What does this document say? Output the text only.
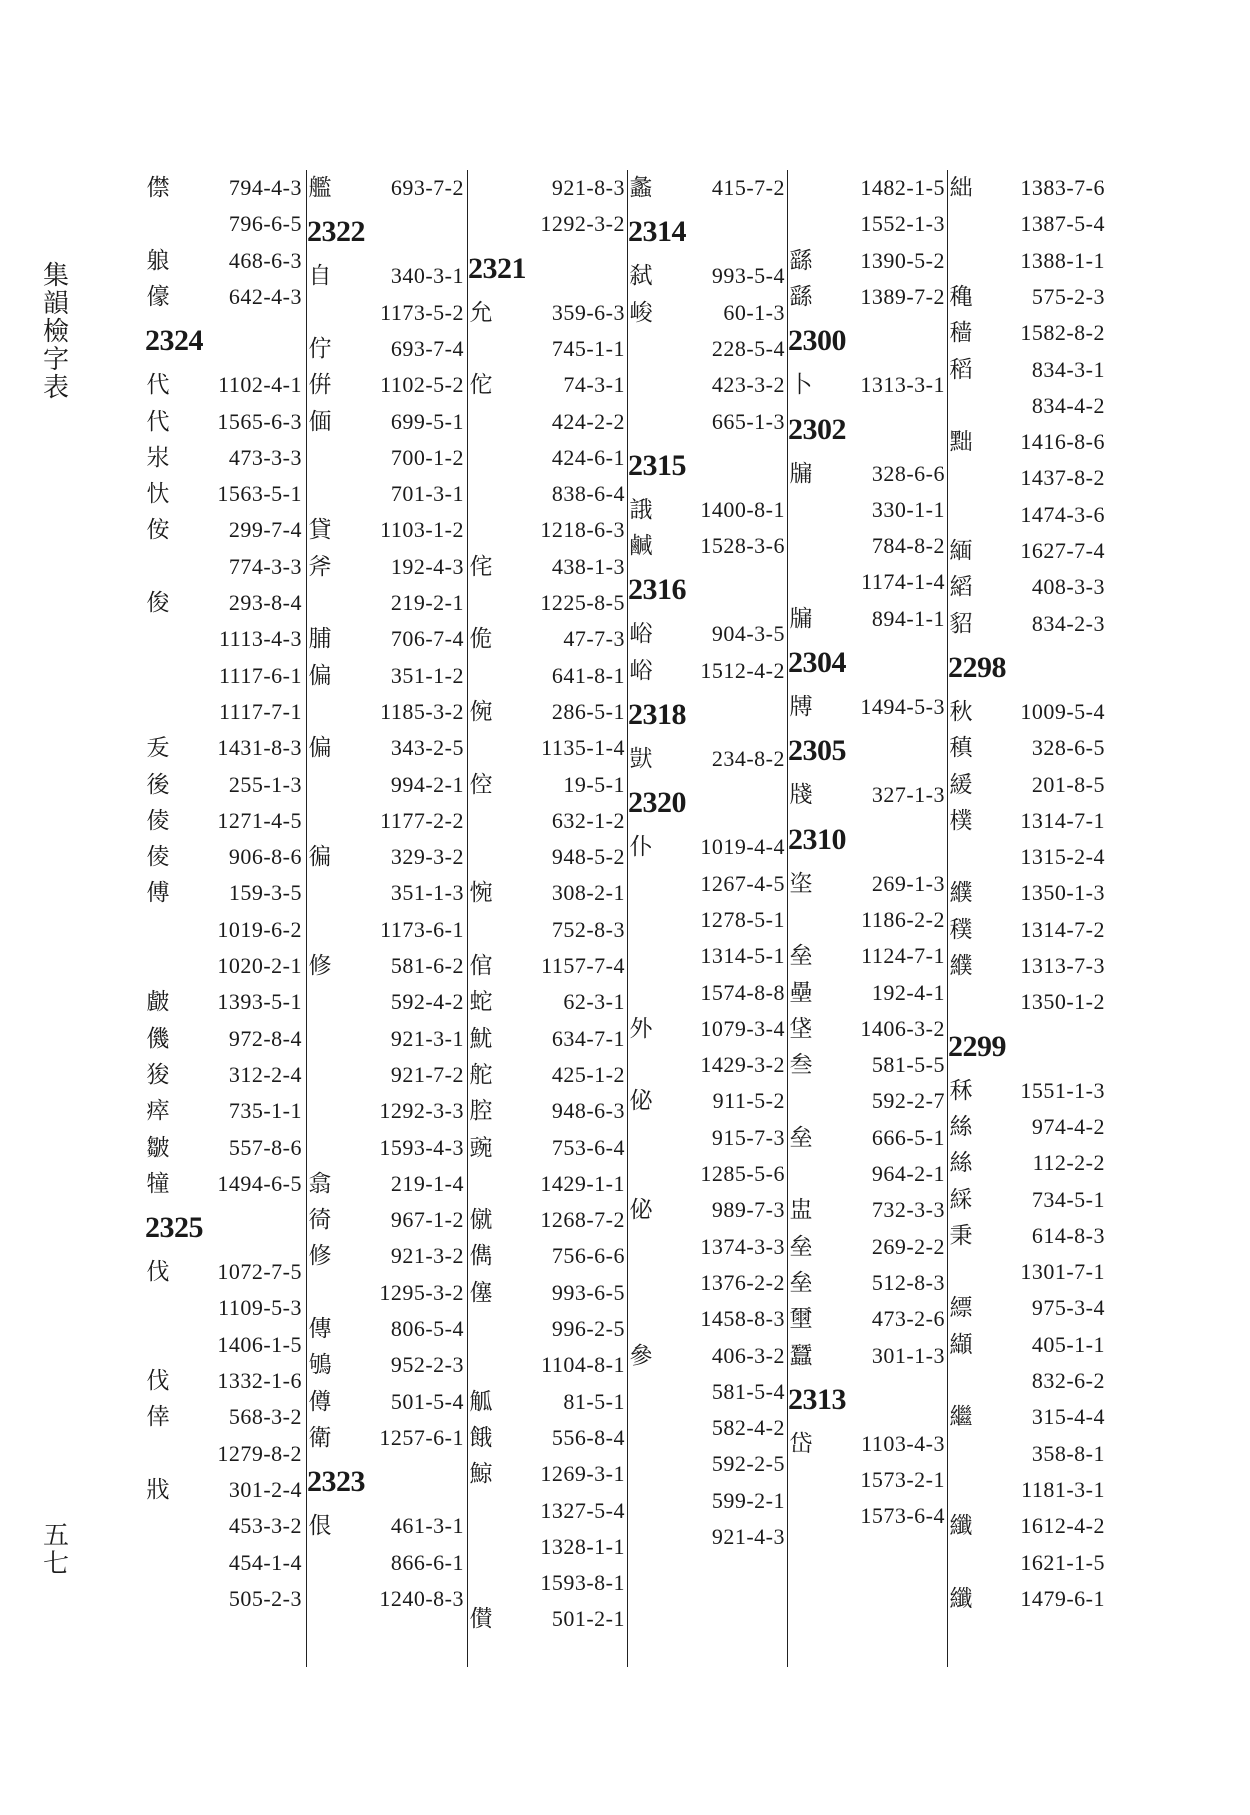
集
韻
檢
字
表
五
七
僸	794-4-3
796-6-5
躴	468-6-3
儫	642-4-3
2324
代 1102-4-1
代 1565-6-3
汖	473-3-3
忕 1563-5-1
侒	299-7-4
774-3-3
俊	293-8-4
1113-4-3
1117-6-1
1117-7-1
叐 1431-8-3
後	255-1-3
倰 1271-4-5
倰	906-8-6
傅	159-3-5
1019-6-2
1020-2-1
皻 1393-5-1
僟	972-8-4
狻	312-2-4
瘁	735-1-1
皺	557-8-6
犝 1494-6-5
2325
伐 1072-7-5
1109-5-3
1406-1-5
伐 1332-1-6
倖	568-3-2
1279-8-2
戕	301-2-4
453-3-2
454-1-4
505-2-3
艦	693-7-2
2322
自	340-3-1
1173-5-2
佇	693-7-4
倂 1102-5-2
偭	699-5-1
700-1-2
701-3-1
貸 1103-1-2
斧	192-4-3
219-2-1
脯	706-7-4
偏	351-1-2
1185-3-2
偏	343-2-5
994-2-1
1177-2-2
徧	329-3-2
351-1-3
1173-6-1
修	581-6-2
592-4-2
921-3-1
921-7-2
1292-3-3
1593-4-3
翕	219-1-4
徛	967-1-2
修	921-3-2
1295-3-2
傳	806-5-4
鴝	952-2-3
僔	501-5-4
衛 1257-6-1
2323
佷	461-3-1
866-6-1
1240-8-3
921-8-3
1292-3-2
2321
允	359-6-3
745-1-1
佗	74-3-1
424-2-2
424-6-1
838-6-4
1218-6-3
侘	438-1-3
1225-8-5
佹	47-7-3
641-8-1
倇	286-5-1
1135-1-4
倥	19-5-1
632-1-2
948-5-2
惋	308-2-1
752-8-3
倌 1157-7-4
蛇	62-3-1
魷	634-7-1
舵	425-1-2
腔	948-6-3
豌	753-6-4
1429-1-1
僦 1268-7-2
儁	756-6-6
僿	993-6-5
996-2-5
1104-8-1
觚	81-5-1
餓	556-8-4
鯨 1269-3-1
1327-5-4
1328-1-1
1593-8-1
儧	501-2-1
蠡	415-7-2
2314
弑	993-5-4
峻	60-1-3
228-5-4
423-3-2
665-1-3
2315
誐 1400-8-1
鹹 1528-3-6
2316
峪	904-3-5
峪 1512-4-2
2318
獃	234-8-2
2320
仆 1019-4-4
1267-4-5
1278-5-1
1314-5-1
1574-8-8
外 1079-3-4
1429-3-2
佖	911-5-2
915-7-3
1285-5-6
佖	989-7-3
1374-3-3
1376-2-2
1458-8-3
參	406-3-2
581-5-4
582-4-2
592-2-5
599-2-1
921-4-3
1482-1-5
1552-1-3
繇 1390-5-2
繇 1389-7-2
2300
卜 1313-3-1
2302
牖	328-6-6
330-1-1
784-8-2
1174-1-4
牖	894-1-1
2304
牔 1494-5-3
2305
牋	327-1-3
2310
垐	269-1-3
1186-2-2
垒 1124-7-1
壘	192-4-1
垡 1406-3-2
叁	581-5-5
592-2-7
垒	666-5-1
964-2-1
盅	732-3-3
垒	269-2-2
垒	512-8-3
壐	473-2-6
蠶	301-1-3
2313
岱 1103-4-3
1573-2-1
1573-6-4
絀 1383-7-6
1387-5-4
1388-1-1
穐	575-2-3
穑 1582-8-2
稻	834-3-1
834-4-2
黜 1416-8-6
1437-8-2
1474-3-6
緬 1627-7-4
縚	408-3-3
貂	834-2-3
2298
秋 1009-5-4
稹	328-6-5
緩	201-8-5
樸 1314-7-1
1315-2-4
纀 1350-1-3
穙 1314-7-2
纀 1313-7-3
1350-1-2
2299
秝 1551-1-3
絲	974-4-2
絲	112-2-2
綵	734-5-1
秉	614-8-3
1301-7-1
縹	975-3-4
纈	405-1-1
832-6-2
繼	315-4-4
358-8-1
1181-3-1
纖 1612-4-2
1621-1-5
纖 1479-6-1
